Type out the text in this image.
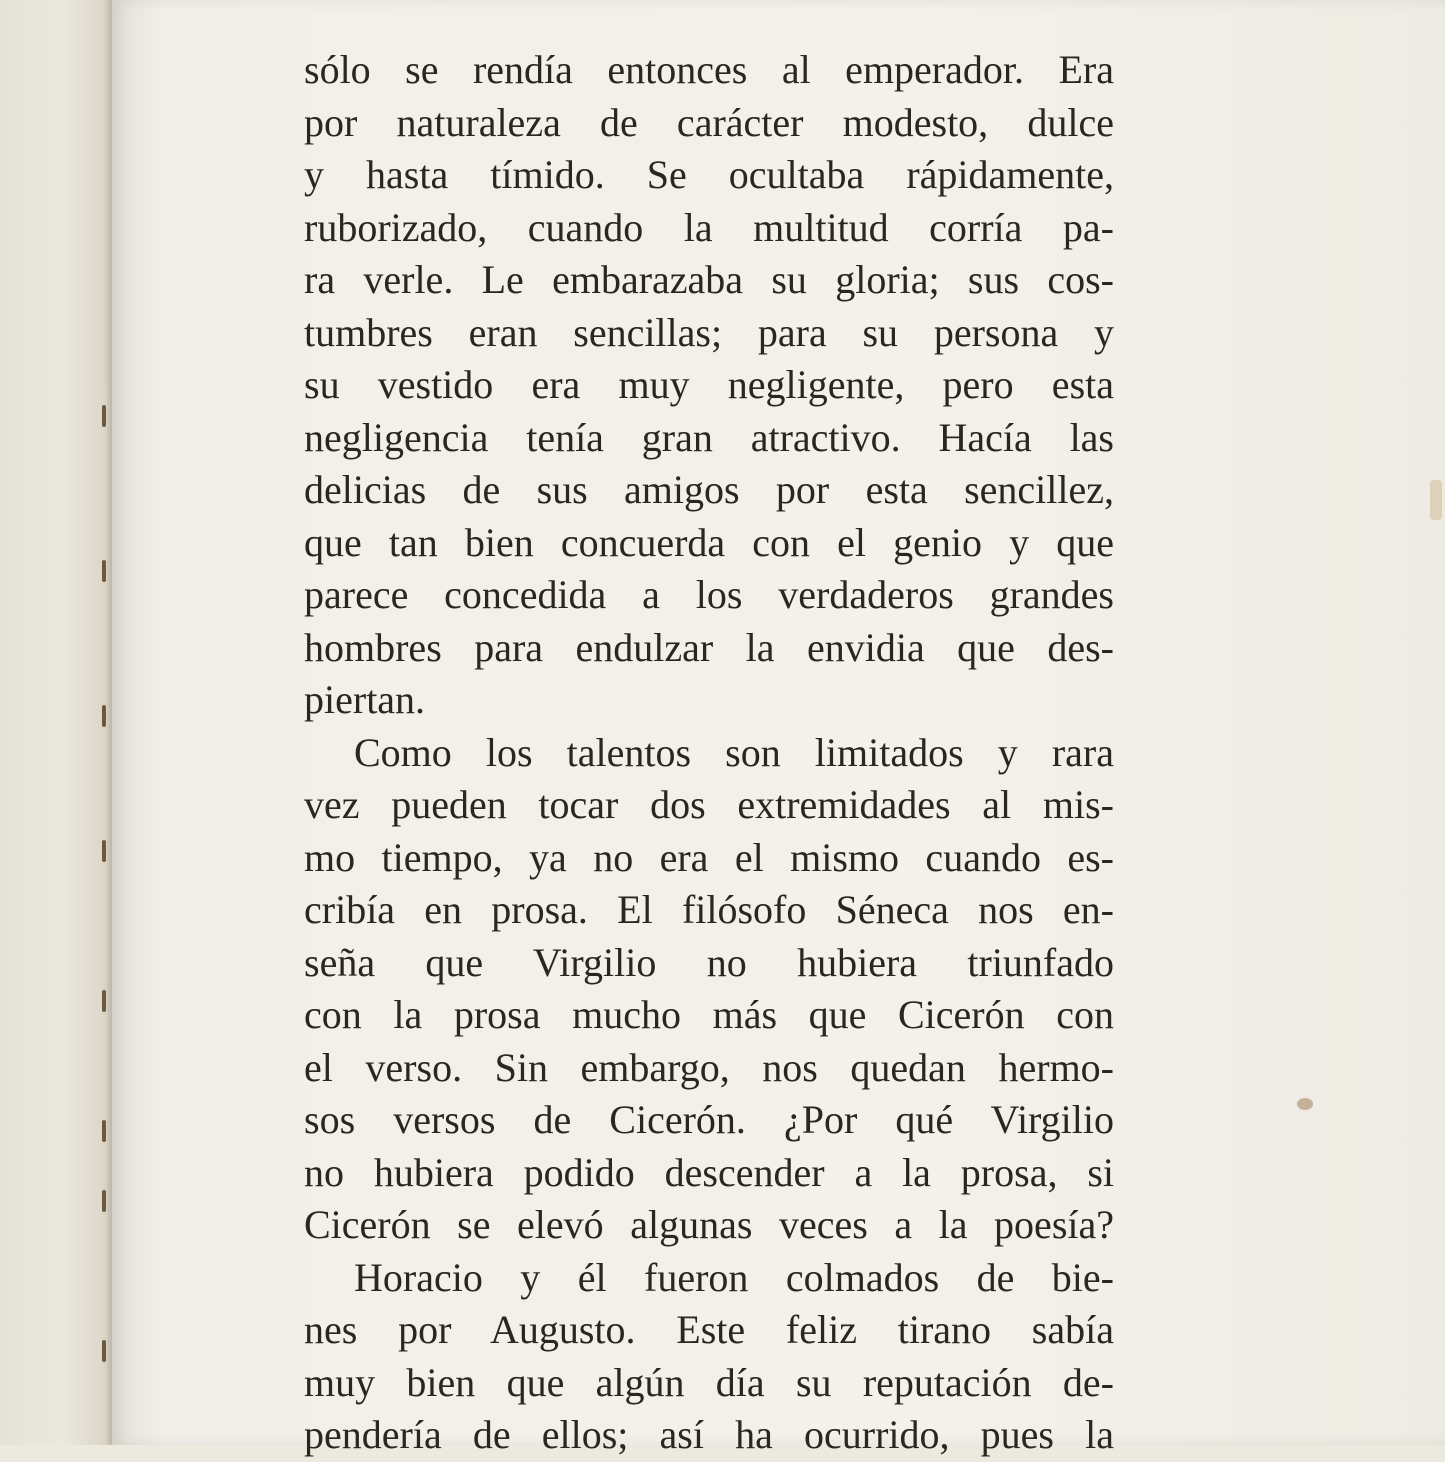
sólo se rendía entonces al emperador. Era
por naturaleza de carácter modesto, dulce
y hasta tímido. Se ocultaba rápidamente,
ruborizado, cuando la multitud corría pa-
ra verle. Le embarazaba su gloria; sus cos-
tumbres eran sencillas; para su persona y
su vestido era muy negligente, pero esta
negligencia tenía gran atractivo. Hacía las
delicias de sus amigos por esta sencillez,
que tan bien concuerda con el genio y que
parece concedida a los verdaderos grandes
hombres para endulzar la envidia que des-
piertan.
Como los talentos son limitados y rara
vez pueden tocar dos extremidades al mis-
mo tiempo, ya no era el mismo cuando es-
cribía en prosa. El filósofo Séneca nos en-
seña que Virgilio no hubiera triunfado
con la prosa mucho más que Cicerón con
el verso. Sin embargo, nos quedan hermo-
sos versos de Cicerón. ¿Por qué Virgilio
no hubiera podido descender a la prosa, si
Cicerón se elevó algunas veces a la poesía?
Horacio y él fueron colmados de bie-
nes por Augusto. Este feliz tirano sabía
muy bien que algún día su reputación de-
pendería de ellos; así ha ocurrido, pues la
